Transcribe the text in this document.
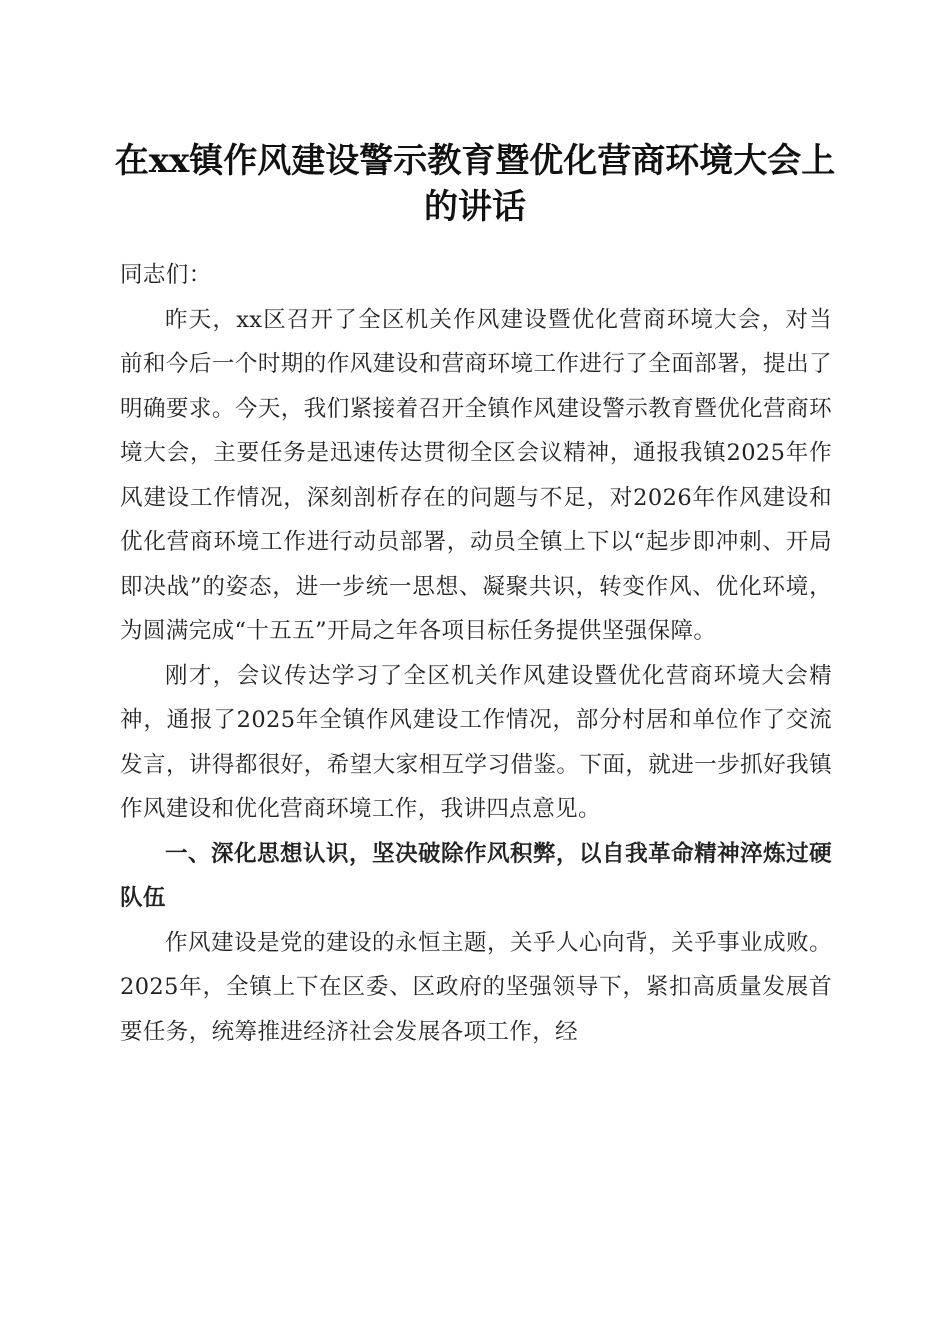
在xx镇作风建设警示教育暨优化营商环境大会上的讲话

同志们：

昨天，xx区召开了全区机关作风建设暨优化营商环境大会，对当前和今后一个时期的作风建设和营商环境工作进行了全面部署，提出了明确要求。今天，我们紧接着召开全镇作风建设警示教育暨优化营商环境大会，主要任务是迅速传达贯彻全区会议精神，通报我镇2025年作风建设工作情况，深刻剖析存在的问题与不足，对2026年作风建设和优化营商环境工作进行动员部署，动员全镇上下以“起步即冲刺、开局即决战”的姿态，进一步统一思想、凝聚共识，转变作风、优化环境，为圆满完成“十五五”开局之年各项目标任务提供坚强保障。

刚才，会议传达学习了全区机关作风建设暨优化营商环境大会精神，通报了2025年全镇作风建设工作情况，部分村居和单位作了交流发言，讲得都很好，希望大家相互学习借鉴。下面，就进一步抓好我镇作风建设和优化营商环境工作，我讲四点意见。

一、深化思想认识，坚决破除作风积弊，以自我革命精神淬炼过硬队伍

作风建设是党的建设的永恒主题，关乎人心向背，关乎事业成败。2025年，全镇上下在区委、区政府的坚强领导下，紧扣高质量发展首要任务，统筹推进经济社会发展各项工作，经
